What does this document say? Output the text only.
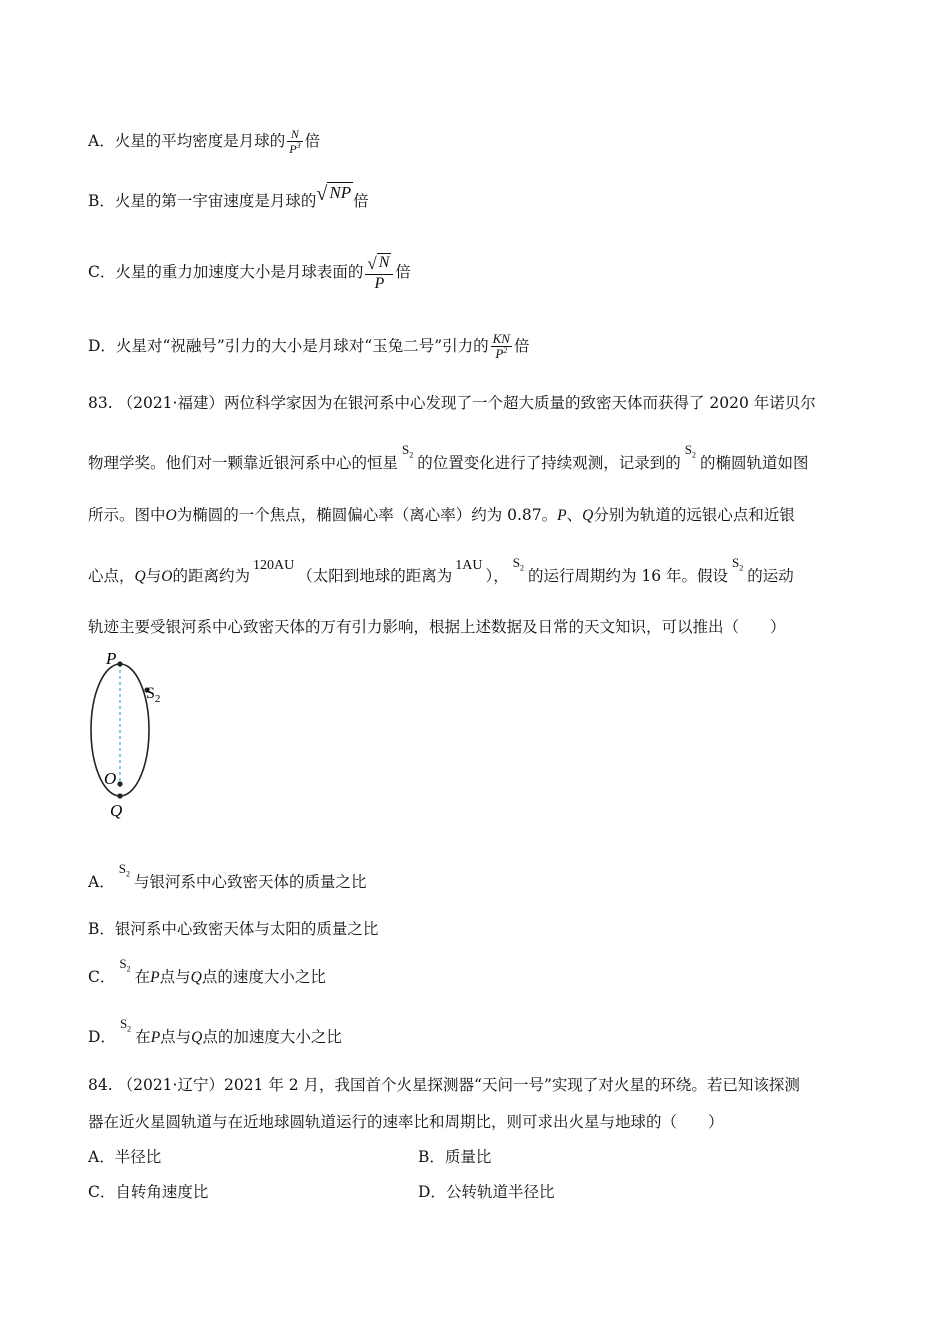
A．火星的平均密度是月球的 $\frac{N}{P^3}$ 倍
B．火星的第一宇宙速度是月球的√ NP 倍
C．火星的重力加速度大小是月球表面的 $\frac{√ N}{P}$ 倍
D．火星对“祝融号”引力的大小是月球对“玉兔二号”引力的 $\frac{KN}{P^2}$ 倍
83. （2021·福建）两位科学家因为在银河系中心发现了一个超大质量的致密天体而获得了 2020 年诺贝尔
物理学奖。他们对一颗靠近银河系中心的恒星$S_2$ 的位置变化进行了持续观测，记录到的$S_2$ 的椭圆轨道如图
所示。图中O为椭圆的一个焦点，椭圆偏心率（离心率）约为 0.87。P、Q分别为轨道的远银心点和近银
心点，Q与O的距离约为120AU（太阳到地球的距离为1AU），$S_2$ 的运行周期约为 16 年。假设$S_2$ 的运动
轨迹主要受银河系中心致密天体的万有引力影响，根据上述数据及日常的天文知识，可以推出（　　）
P
$S_2$
O
Q
A．$S_2$ 与银河系中心致密天体的质量之比
B．银河系中心致密天体与太阳的质量之比
C．$S_2$ 在P点与Q点的速度大小之比
D．$S_2$ 在P点与Q点的加速度大小之比
84. （2021·辽宁）2021 年 2 月，我国首个火星探测器“天问一号”实现了对火星的环绕。若已知该探测
器在近火星圆轨道与在近地球圆轨道运行的速率比和周期比，则可求出火星与地球的（　　）
A．半径比	B．质量比
C．自转角速度比	D．公转轨道半径比
